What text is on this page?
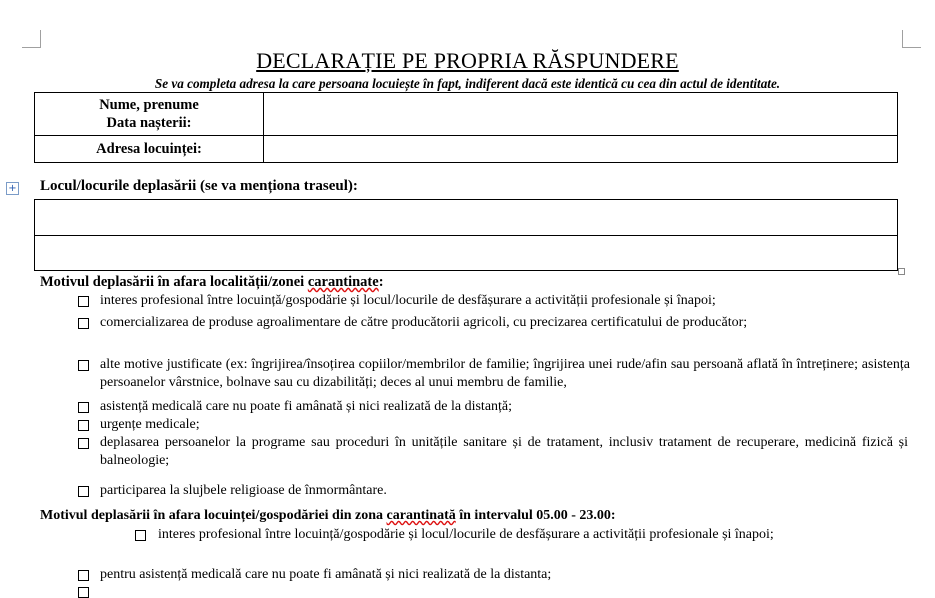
DECLARAȚIE PE PROPRIA RĂSPUNDERE
Se va completa adresa la care persoana locuiește în fapt, indiferent dacă este identică cu cea din actul de identitate.
Nume, prenume
Data nașterii:	

Adresa locuinței:	
+ Locul/locurile deplasării (se va menționa traseul):
Motivul deplasării în afara localității/zonei carantinate:
interes profesional între locuință/gospodărie și locul/locurile de desfășurare a activității profesionale și înapoi;
comercializarea de produse agroalimentare de către producătorii agricoli, cu precizarea certificatului de producător;
alte motive justificate (ex: îngrijirea/însoțirea copiilor/membrilor de familie; îngrijirea unei rude/afin sau persoană aflată în întreținere; asistența persoanelor vârstnice, bolnave sau cu dizabilități; deces al unui membru de familie,
asistență medicală care nu poate fi amânată și nici realizată de la distanță;
urgențe medicale;
deplasarea persoanelor la programe sau proceduri în unitățile sanitare și de tratament, inclusiv tratament de recuperare, medicină fizică și balneologie;
participarea la slujbele religioase de înmormântare.
Motivul deplasării în afara locuinței/gospodăriei din zona carantinată în intervalul 05.00 - 23.00:
interes profesional între locuință/gospodărie și locul/locurile de desfășurare a activității profesionale și înapoi;
pentru asistență medicală care nu poate fi amânată și nici realizată de la distanta;
